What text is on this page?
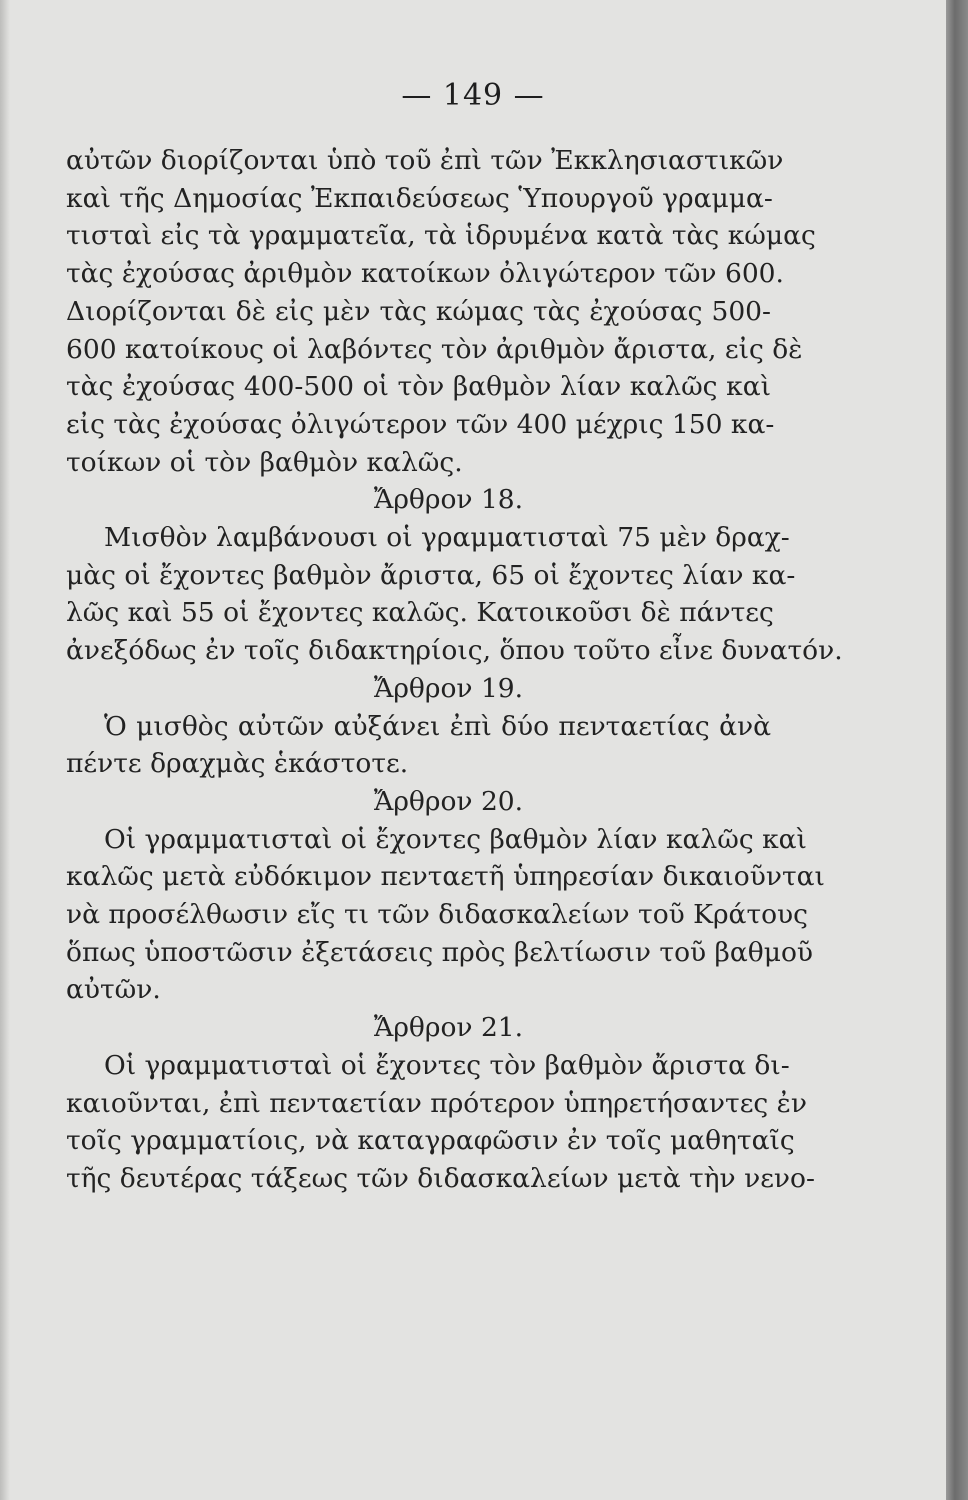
— 149 —
αὐτῶν διορίζονται ὑπὸ τοῦ ἐπὶ τῶν Ἐκκλησιαστικῶν
καὶ τῆς Δημοσίας Ἐκπαιδεύσεως Ὑπουργοῦ γραμμα-
τισταὶ εἰς τὰ γραμματεῖα, τὰ ἱδρυμένα κατὰ τὰς κώμας
τὰς ἐχούσας ἀριθμὸν κατοίκων ὀλιγώτερον τῶν 600.
Διορίζονται δὲ εἰς μὲν τὰς κώμας τὰς ἐχούσας 500-
600 κατοίκους οἱ λαβόντες τὸν ἀριθμὸν ἄριστα, εἰς δὲ
τὰς ἐχούσας 400-500 οἱ τὸν βαθμὸν λίαν καλῶς καὶ
εἰς τὰς ἐχούσας ὀλιγώτερον τῶν 400 μέχρις 150 κα-
τοίκων οἱ τὸν βαθμὸν καλῶς.
Ἄρθρον 18.
Μισθὸν λαμβάνουσι οἱ γραμματισταὶ 75 μὲν δραχ-
μὰς οἱ ἔχοντες βαθμὸν ἄριστα, 65 οἱ ἔχοντες λίαν κα-
λῶς καὶ 55 οἱ ἔχοντες καλῶς. Κατοικοῦσι δὲ πάντες
ἀνεξόδως ἐν τοῖς διδακτηρίοις, ὅπου τοῦτο εἶνε δυνατόν.
Ἄρθρον 19.
Ὁ μισθὸς αὐτῶν αὐξάνει ἐπὶ δύο πενταετίας ἀνὰ
πέντε δραχμὰς ἑκάστοτε.
Ἄρθρον 20.
Οἱ γραμματισταὶ οἱ ἔχοντες βαθμὸν λίαν καλῶς καὶ
καλῶς μετὰ εὐδόκιμον πενταετῆ ὑπηρεσίαν δικαιοῦνται
νὰ προσέλθωσιν εἴς τι τῶν διδασκαλείων τοῦ Κράτους
ὅπως ὑποστῶσιν ἐξετάσεις πρὸς βελτίωσιν τοῦ βαθμοῦ
αὐτῶν.
Ἄρθρον 21.
Οἱ γραμματισταὶ οἱ ἔχοντες τὸν βαθμὸν ἄριστα δι-
καιοῦνται, ἐπὶ πενταετίαν πρότερον ὑπηρετήσαντες ἐν
τοῖς γραμματίοις, νὰ καταγραφῶσιν ἐν τοῖς μαθηταῖς
τῆς δευτέρας τάξεως τῶν διδασκαλείων μετὰ τὴν νενο-
